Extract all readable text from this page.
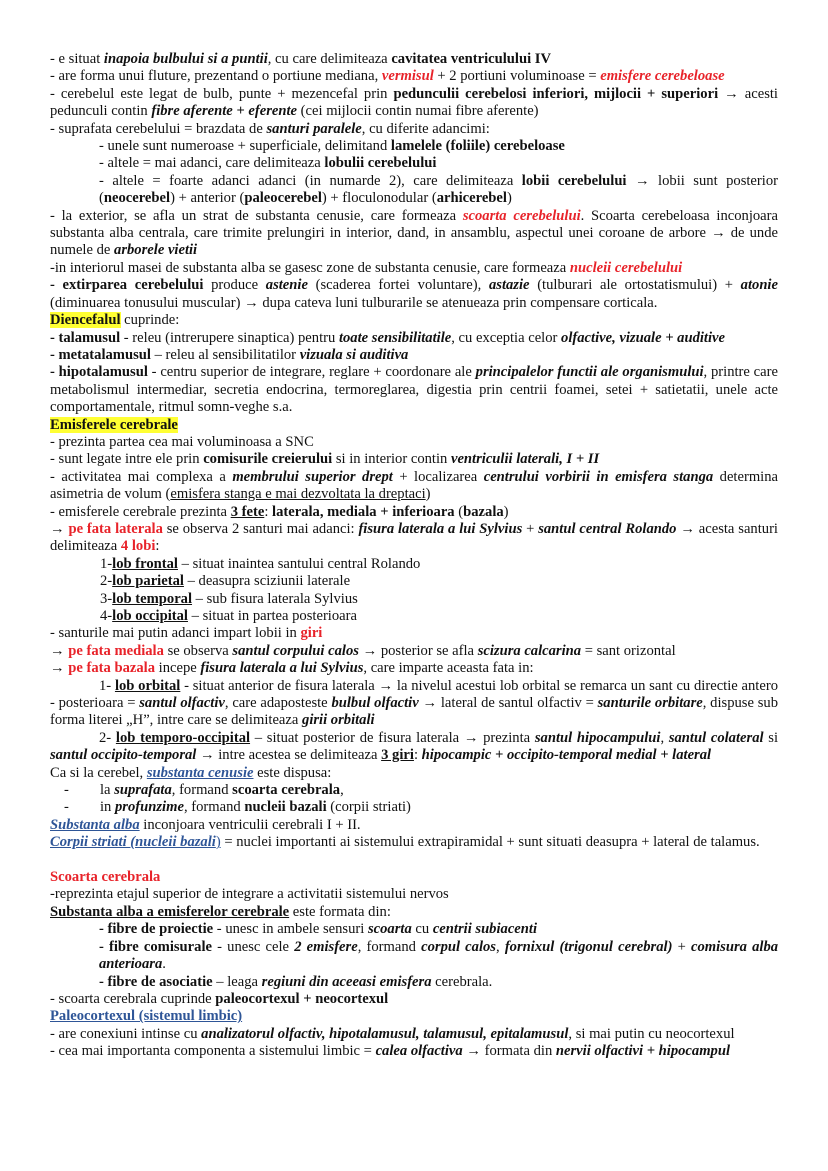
- e situat inapoia bulbului si a puntii, cu care delimiteaza cavitatea ventriculului IV

- are forma unui fluture, prezentand o portiune mediana, vermisul + 2 portiuni voluminoase = emisfere cerebeloase

- cerebelul este legat de bulb, punte + mezencefal prin pedunculii cerebelosi inferiori, mijlocii + superiori → acesti pedunculi contin fibre aferente + eferente (cei mijlocii contin numai fibre aferente)

- suprafata cerebelului = brazdata de santuri paralele, cu diferite adancimi:

- unele sunt numeroase + superficiale, delimitand lamelele (foliile) cerebeloase

- altele = mai adanci, care delimiteaza lobulii cerebelului

- altele = foarte adanci adanci (in numarde 2), care delimiteaza lobii cerebelului → lobii sunt posterior (neocerebel) + anterior (paleocerebel) + floculonodular (arhicerebel)

- la exterior, se afla un strat de substanta cenusie, care formeaza scoarta cerebelului. Scoarta cerebeloasa inconjoara substanta alba centrala, care trimite prelungiri in interior, dand, in ansamblu, aspectul unei coroane de arbore → de unde numele de arborele vietii

-in interiorul masei de substanta alba se gasesc zone de substanta cenusie, care formeaza nucleii cerebelului

- extirparea cerebelului produce astenie (scaderea fortei voluntare), astazie (tulburari ale ortostatismului) + atonie (diminuarea tonusului muscular) → dupa cateva luni tulburarile se atenueaza prin compensare corticala.

Diencefalul cuprinde:

- talamusul - releu (intrerupere sinaptica) pentru toate sensibilitatile, cu exceptia celor olfactive, vizuale + auditive

- metatalamusul – releu al sensibilitatilor vizuala si auditiva

- hipotalamusul - centru superior de integrare, reglare + coordonare ale principalelor functii ale organismului, printre care metabolismul intermediar, secretia endocrina, termoreglarea, digestia prin centrii foamei, setei + satietatii, unele acte comportamentale, ritmul somn-veghe s.a.

Emisferele cerebrale

- prezinta partea cea mai voluminoasa a SNC

- sunt legate intre ele prin comisurile creierului si in interior contin ventriculii laterali, I + II

- activitatea mai complexa a membrului superior drept + localizarea centrului vorbirii in emisfera stanga determina asimetria de volum (emisfera stanga e mai dezvoltata la dreptaci)

- emisferele cerebrale prezinta 3 fete: laterala, mediala + inferioara (bazala)

→ pe fata laterala se observa 2 santuri mai adanci: fisura laterala a lui Sylvius + santul central Rolando → acesta santuri delimiteaza 4 lobi:

1-lob frontal – situat inaintea santului central Rolando

2-lob parietal – deasupra sciziunii laterale

3-lob temporal – sub fisura laterala Sylvius

4-lob occipital – situat in partea posterioara

- santurile mai putin adanci impart lobii in giri

→ pe fata mediala se observa santul corpului calos → posterior se afla scizura calcarina = sant orizontal

→ pe fata bazala incepe fisura laterala a lui Sylvius, care imparte aceasta fata in:

1- lob orbital - situat anterior de fisura laterala → la nivelul acestui lob orbital se remarca un sant cu directie antero - posterioara = santul olfactiv, care adaposteste bulbul olfactiv → lateral de santul olfactiv = santurile orbitare, dispuse sub forma literei „H”, intre care se delimiteaza girii orbitali

2- lob temporo-occipital – situat posterior de fisura laterala → prezinta santul hipocampului, santul colateral si santul occipito-temporal → intre acestea se delimiteaza 3 giri: hipocampic + occipito-temporal medial + lateral

Ca si la cerebel, substanta cenusie este dispusa:

-	la suprafata, formand scoarta cerebrala,
-	in profunzime, formand nucleii bazali (corpii striati)

Substanta alba inconjoara ventriculii cerebrali I + II.

Corpii striati (nucleii bazali) = nuclei importanti ai sistemului extrapiramidal + sunt situati deasupra + lateral de talamus.

Scoarta cerebrala

-reprezinta etajul superior de integrare a activitatii sistemului nervos

Substanta alba a emisferelor cerebrale este formata din:

- fibre de proiectie - unesc in ambele sensuri scoarta cu centrii subiacenti

- fibre comisurale - unesc cele 2 emisfere, formand corpul calos, fornixul (trigonul cerebral) + comisura alba anterioara.

- fibre de asociatie – leaga regiuni din aceeasi emisfera cerebrala.

- scoarta cerebrala cuprinde paleocortexul + neocortexul

Paleocortexul (sistemul limbic)

- are conexiuni intinse cu analizatorul olfactiv, hipotalamusul, talamusul, epitalamusul, si mai putin cu neocortexul

- cea mai importanta componenta a sistemului limbic = calea olfactiva → formata din nervii olfactivi + hipocampul
